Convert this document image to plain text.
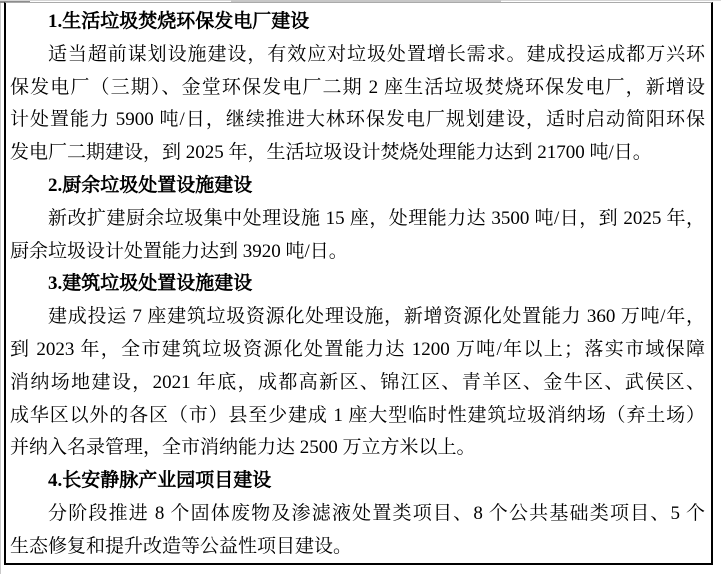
1.生活垃圾焚烧环保发电厂建设
适当超前谋划设施建设，有效应对垃圾处置增长需求。建成投运成都万兴环
保发电厂（三期）、金堂环保发电厂二期 2 座生活垃圾焚烧环保发电厂，新增设
计处置能力 5900 吨/日，继续推进大林环保发电厂规划建设，适时启动简阳环保
发电厂二期建设，到 2025 年，生活垃圾设计焚烧处理能力达到 21700 吨/日。
2.厨余垃圾处置设施建设
新改扩建厨余垃圾集中处理设施 15 座，处理能力达 3500 吨/日，到 2025 年，
厨余垃圾设计处置能力达到 3920 吨/日。
3.建筑垃圾处置设施建设
建成投运 7 座建筑垃圾资源化处理设施，新增资源化处置能力 360 万吨/年，
到 2023 年，全市建筑垃圾资源化处置能力达 1200 万吨/年以上；落实市域保障
消纳场地建设，2021 年底，成都高新区、锦江区、青羊区、金牛区、武侯区、
成华区以外的各区（市）县至少建成 1 座大型临时性建筑垃圾消纳场（弃土场）
并纳入名录管理，全市消纳能力达 2500 万立方米以上。
4.长安静脉产业园项目建设
分阶段推进 8 个固体废物及渗滤液处置类项目、8 个公共基础类项目、5 个
生态修复和提升改造等公益性项目建设。
